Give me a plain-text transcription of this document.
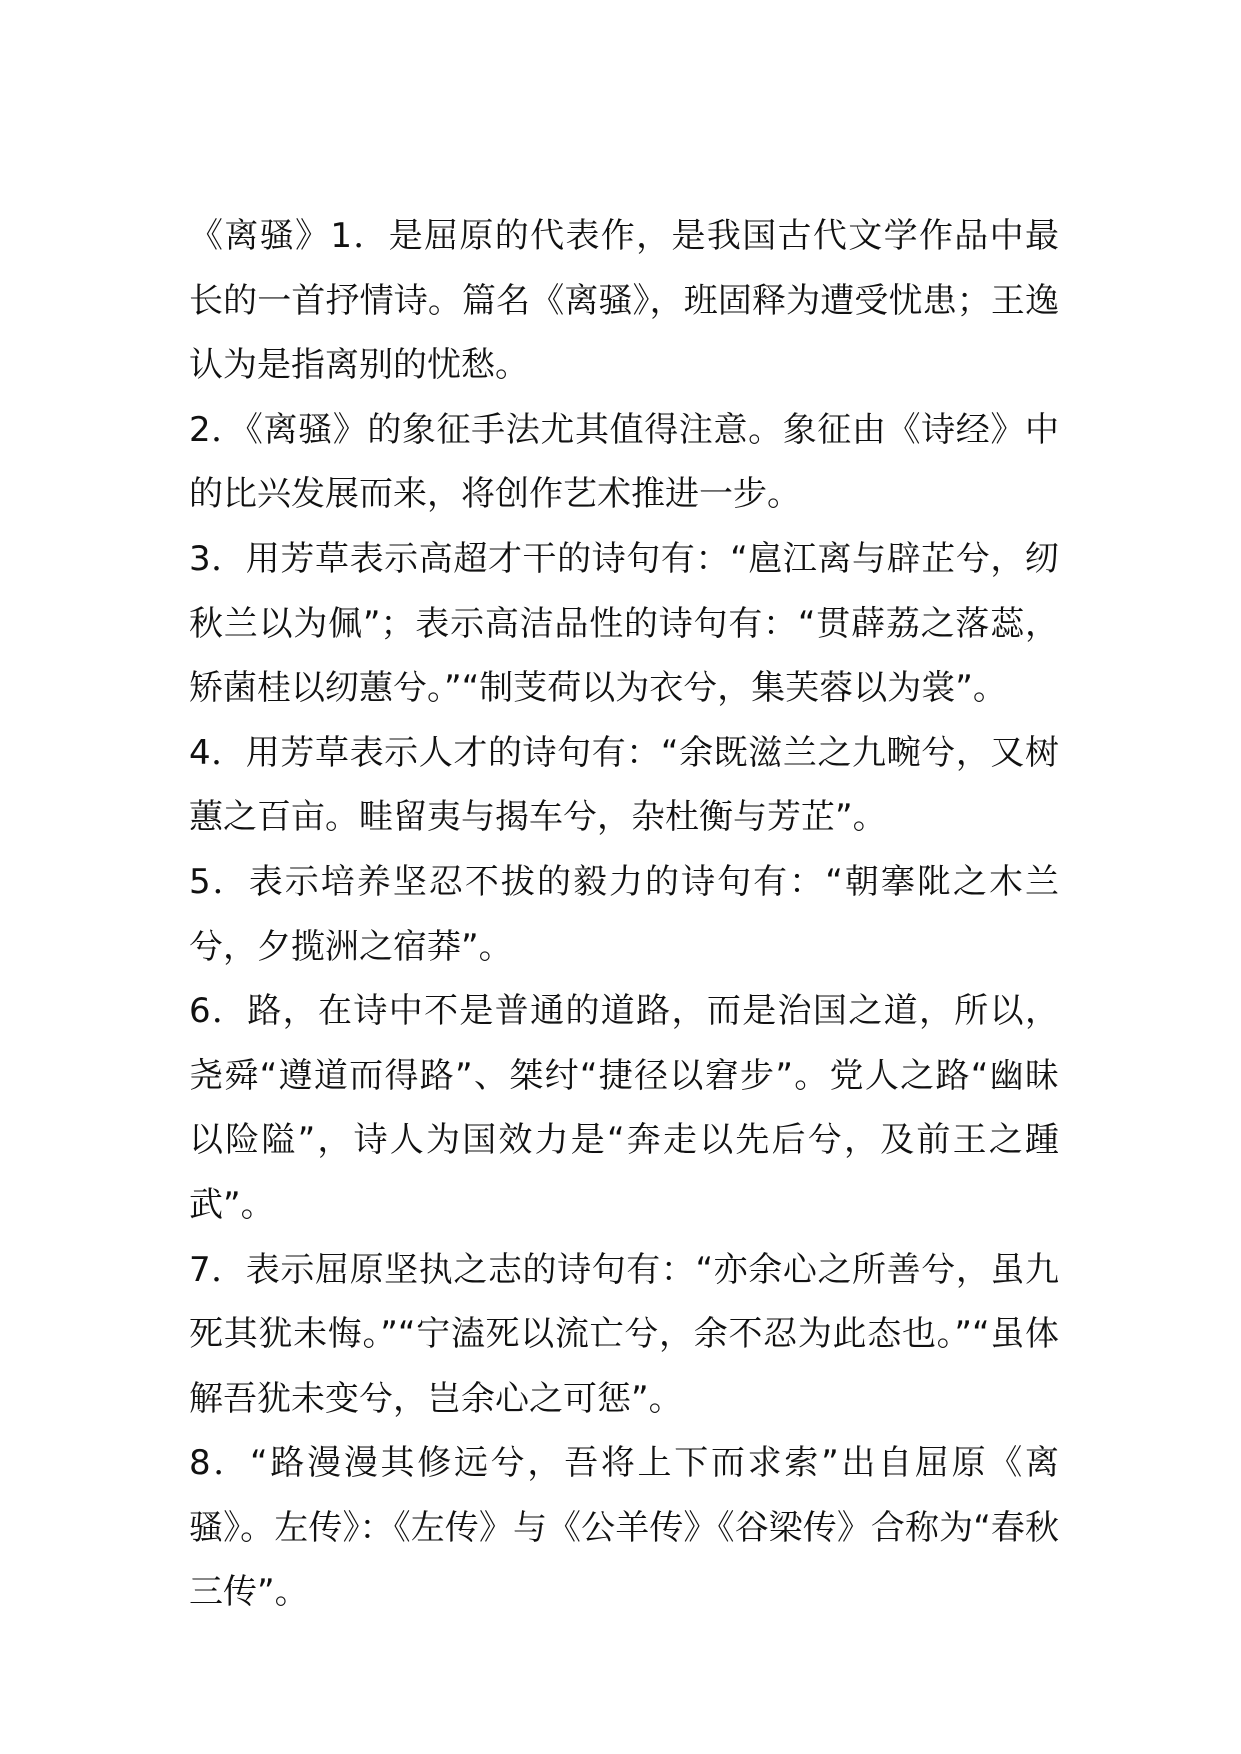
《离骚》1．是屈原的代表作，是我国古代文学作品中最长的一首抒情诗。篇名《离骚》，班固释为遭受忧患；王逸认为是指离别的忧愁。

2．《离骚》的象征手法尤其值得注意。象征由《诗经》中的比兴发展而来，将创作艺术推进一步。

3．用芳草表示高超才干的诗句有：“扈江离与辟芷兮，纫秋兰以为佩”；表示高洁品性的诗句有：“贯薜荔之落蕊，矫菌桂以纫蕙兮。”“制芰荷以为衣兮，集芙蓉以为裳”。

4．用芳草表示人才的诗句有：“余既滋兰之九畹兮，又树蕙之百亩。畦留夷与揭车兮，杂杜衡与芳芷”。

5．表示培养坚忍不拔的毅力的诗句有：“朝搴阰之木兰兮，夕揽洲之宿莽”。

6．路，在诗中不是普通的道路，而是治国之道，所以，尧舜“遵道而得路”、桀纣“捷径以窘步”。党人之路“幽昧以险隘”，诗人为国效力是“奔走以先后兮，及前王之踵武”。

7．表示屈原坚执之志的诗句有：“亦余心之所善兮，虽九死其犹未悔。”“宁溘死以流亡兮，余不忍为此态也。”“虽体解吾犹未变兮，岂余心之可惩”。

8．“路漫漫其修远兮，吾将上下而求索”出自屈原《离骚》。左传》：《左传》与《公羊传》《谷梁传》合称为“春秋三传”。
